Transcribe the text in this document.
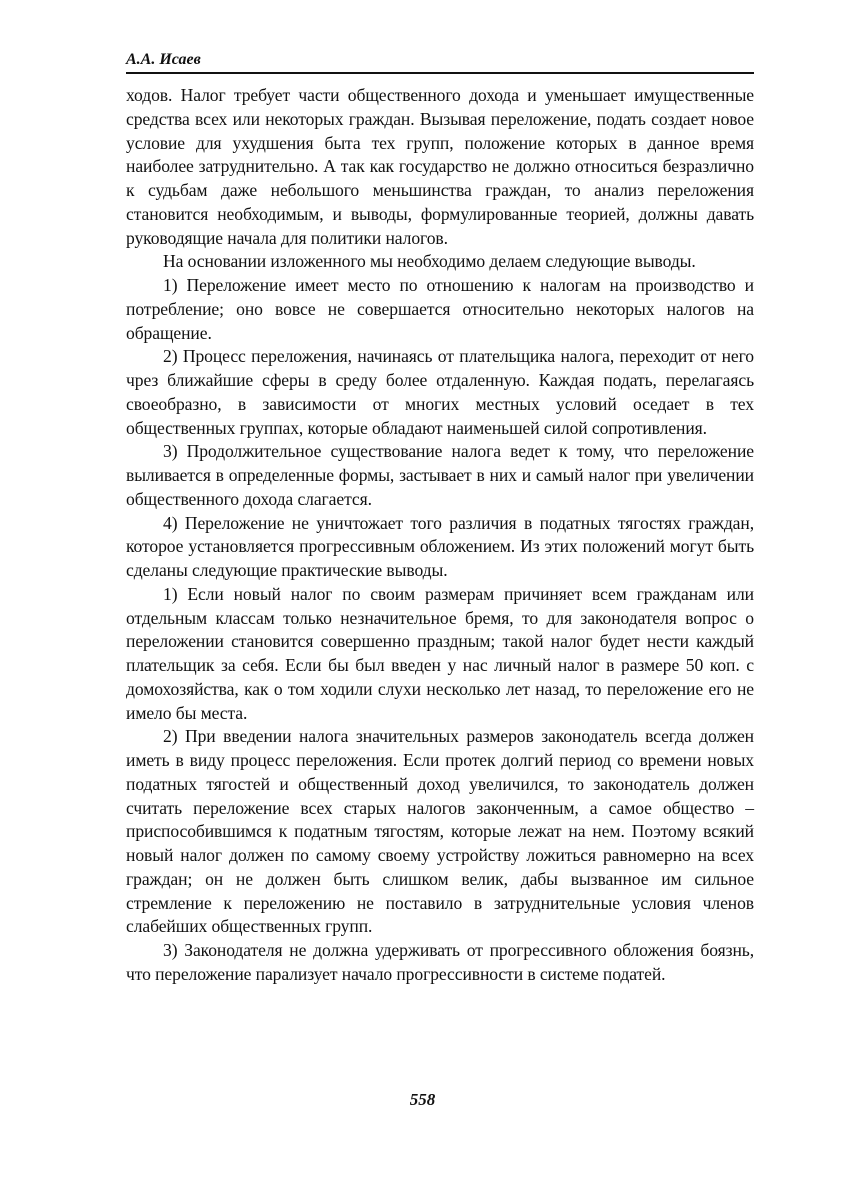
А.А. Исаев

ходов. Налог требует части общественного дохода и уменьшает имущественные средства всех или некоторых граждан. Вызывая переложение, подать создает новое условие для ухудшения быта тех групп, положение которых в данное время наиболее затруднительно. А так как государство не должно относиться безразлично к судьбам даже небольшого меньшинства граждан, то анализ переложения становится необходимым, и выводы, формулированные теорией, должны давать руководящие начала для политики налогов.

На основании изложенного мы необходимо делаем следующие выводы.

1) Переложение имеет место по отношению к налогам на производство и потребление; оно вовсе не совершается относительно некоторых налогов на обращение.

2) Процесс переложения, начинаясь от плательщика налога, переходит от него чрез ближайшие сферы в среду более отдаленную. Каждая подать, перелагаясь своеобразно, в зависимости от многих местных условий оседает в тех общественных группах, которые обладают наименьшей силой сопротивления.

3) Продолжительное существование налога ведет к тому, что переложение выливается в определенные формы, застывает в них и самый налог при увеличении общественного дохода слагается.

4) Переложение не уничтожает того различия в податных тягостях граждан, которое установляется прогрессивным обложением. Из этих положений могут быть сделаны следующие практические выводы.

1) Если новый налог по своим размерам причиняет всем гражданам или отдельным классам только незначительное бремя, то для законодателя вопрос о переложении становится совершенно праздным; такой налог будет нести каждый плательщик за себя. Если бы был введен у нас личный налог в размере 50 коп. с домохозяйства, как о том ходили слухи несколько лет назад, то переложение его не имело бы места.

2) При введении налога значительных размеров законодатель всегда должен иметь в виду процесс переложения. Если протек долгий период со времени новых податных тягостей и общественный доход увеличился, то законодатель должен считать переложение всех старых налогов законченным, а самое общество – приспособившимся к податным тягостям, которые лежат на нем. Поэтому всякий новый налог должен по самому своему устройству ложиться равномерно на всех граждан; он не должен быть слишком велик, дабы вызванное им сильное стремление к переложению не поставило в затруднительные условия членов слабейших общественных групп.

3) Законодателя не должна удерживать от прогрессивного обложения боязнь, что переложение парализует начало прогрессивности в системе податей.

558
